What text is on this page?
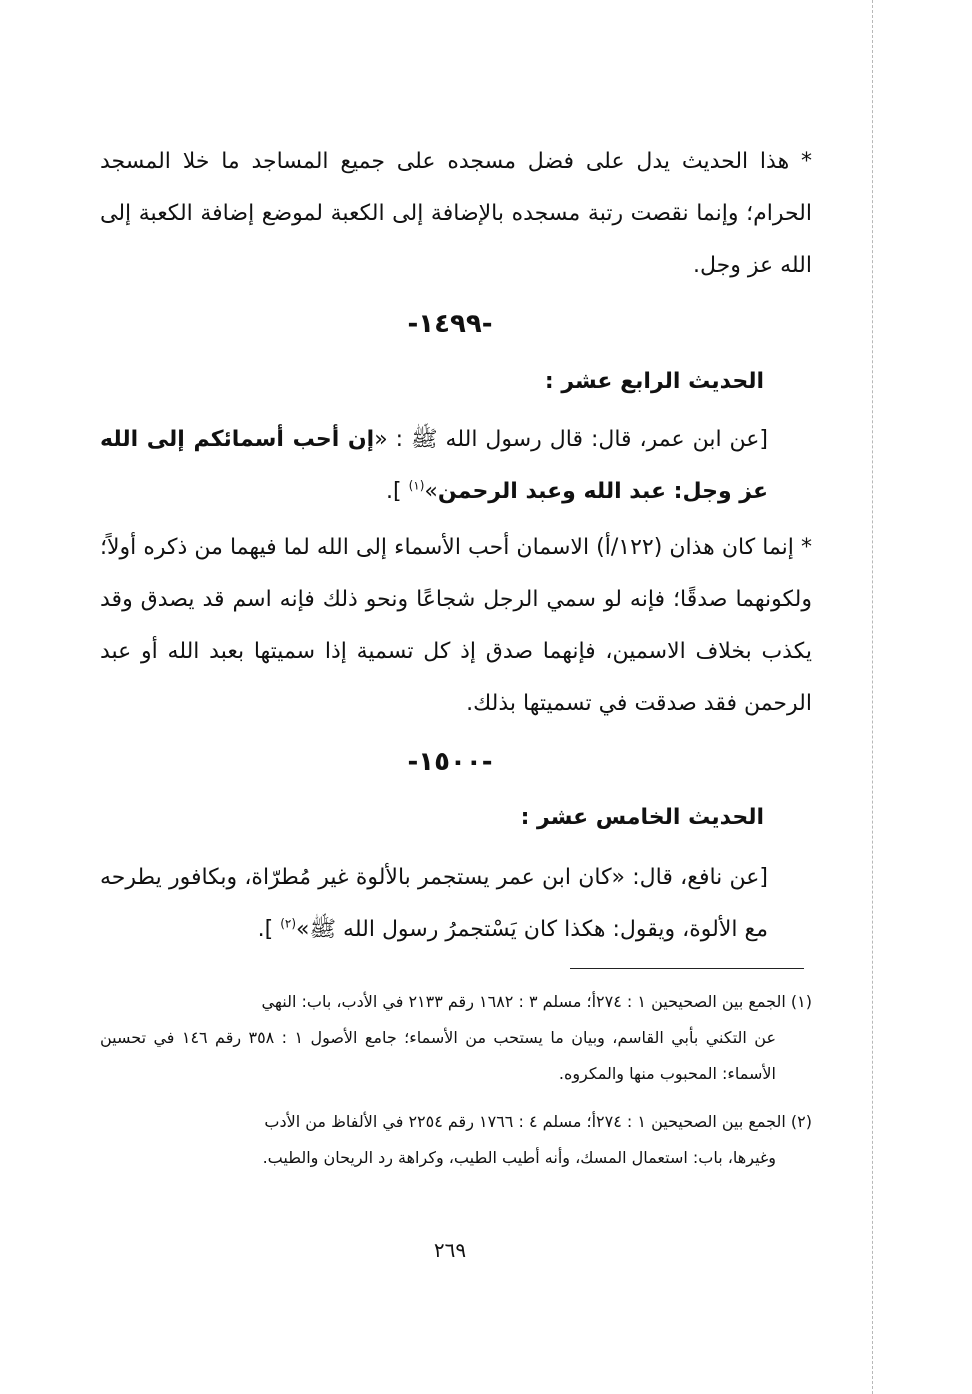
* هذا الحديث يدل على فضل مسجده على جميع المساجد ما خلا المسجد الحرام؛ وإنما نقصت رتبة مسجده بالإضافة إلى الكعبة لموضع إضافة الكعبة إلى الله عز وجل.
-١٤٩٩-
الحديث الرابع عشر :
[عن ابن عمر، قال: قال رسول الله ﷺ : «إن أحب أسمائكم إلى الله عز وجل: عبد الله وعبد الرحمن»$^{(١)}$ ].
* إنما كان هذان (١٢٢/أ) الاسمان أحب الأسماء إلى الله لما فيهما من ذكره أولاً؛ ولكونهما صدقًا؛ فإنه لو سمي الرجل شجاعًا ونحو ذلك فإنه اسم قد يصدق وقد يكذب بخلاف الاسمين، فإنهما صدق إذ كل تسمية إذا سميتها بعبد الله أو عبد الرحمن فقد صدقت في تسميتها بذلك.
-١٥٠٠-
الحديث الخامس عشر :
[عن نافع، قال: «كان ابن عمر يستجمر بالألوة غير مُطرّاة، وبكافور يطرحه مع الألوة، ويقول: هكذا كان يَسْتجمرُ رسول الله ﷺ»$^{(٢)}$ ].
(١) الجمع بين الصحيحين ١ : ٢٧٤أ؛ مسلم ٣ : ١٦٨٢ رقم ٢١٣٣ في الأدب، باب: النهي
عن التكني بأبي القاسم، وبيان ما يستحب من الأسماء؛ جامع الأصول ١ : ٣٥٨ رقم ١٤٦ في تحسين الأسماء: المحبوب منها والمكروه.
(٢) الجمع بين الصحيحين ١ : ٢٧٤أ؛ مسلم ٤ : ١٧٦٦ رقم ٢٢٥٤ في الألفاظ من الأدب
وغيرها، باب: استعمال المسك، وأنه أطيب الطيب، وكراهة رد الريحان والطيب.
٢٦٩
